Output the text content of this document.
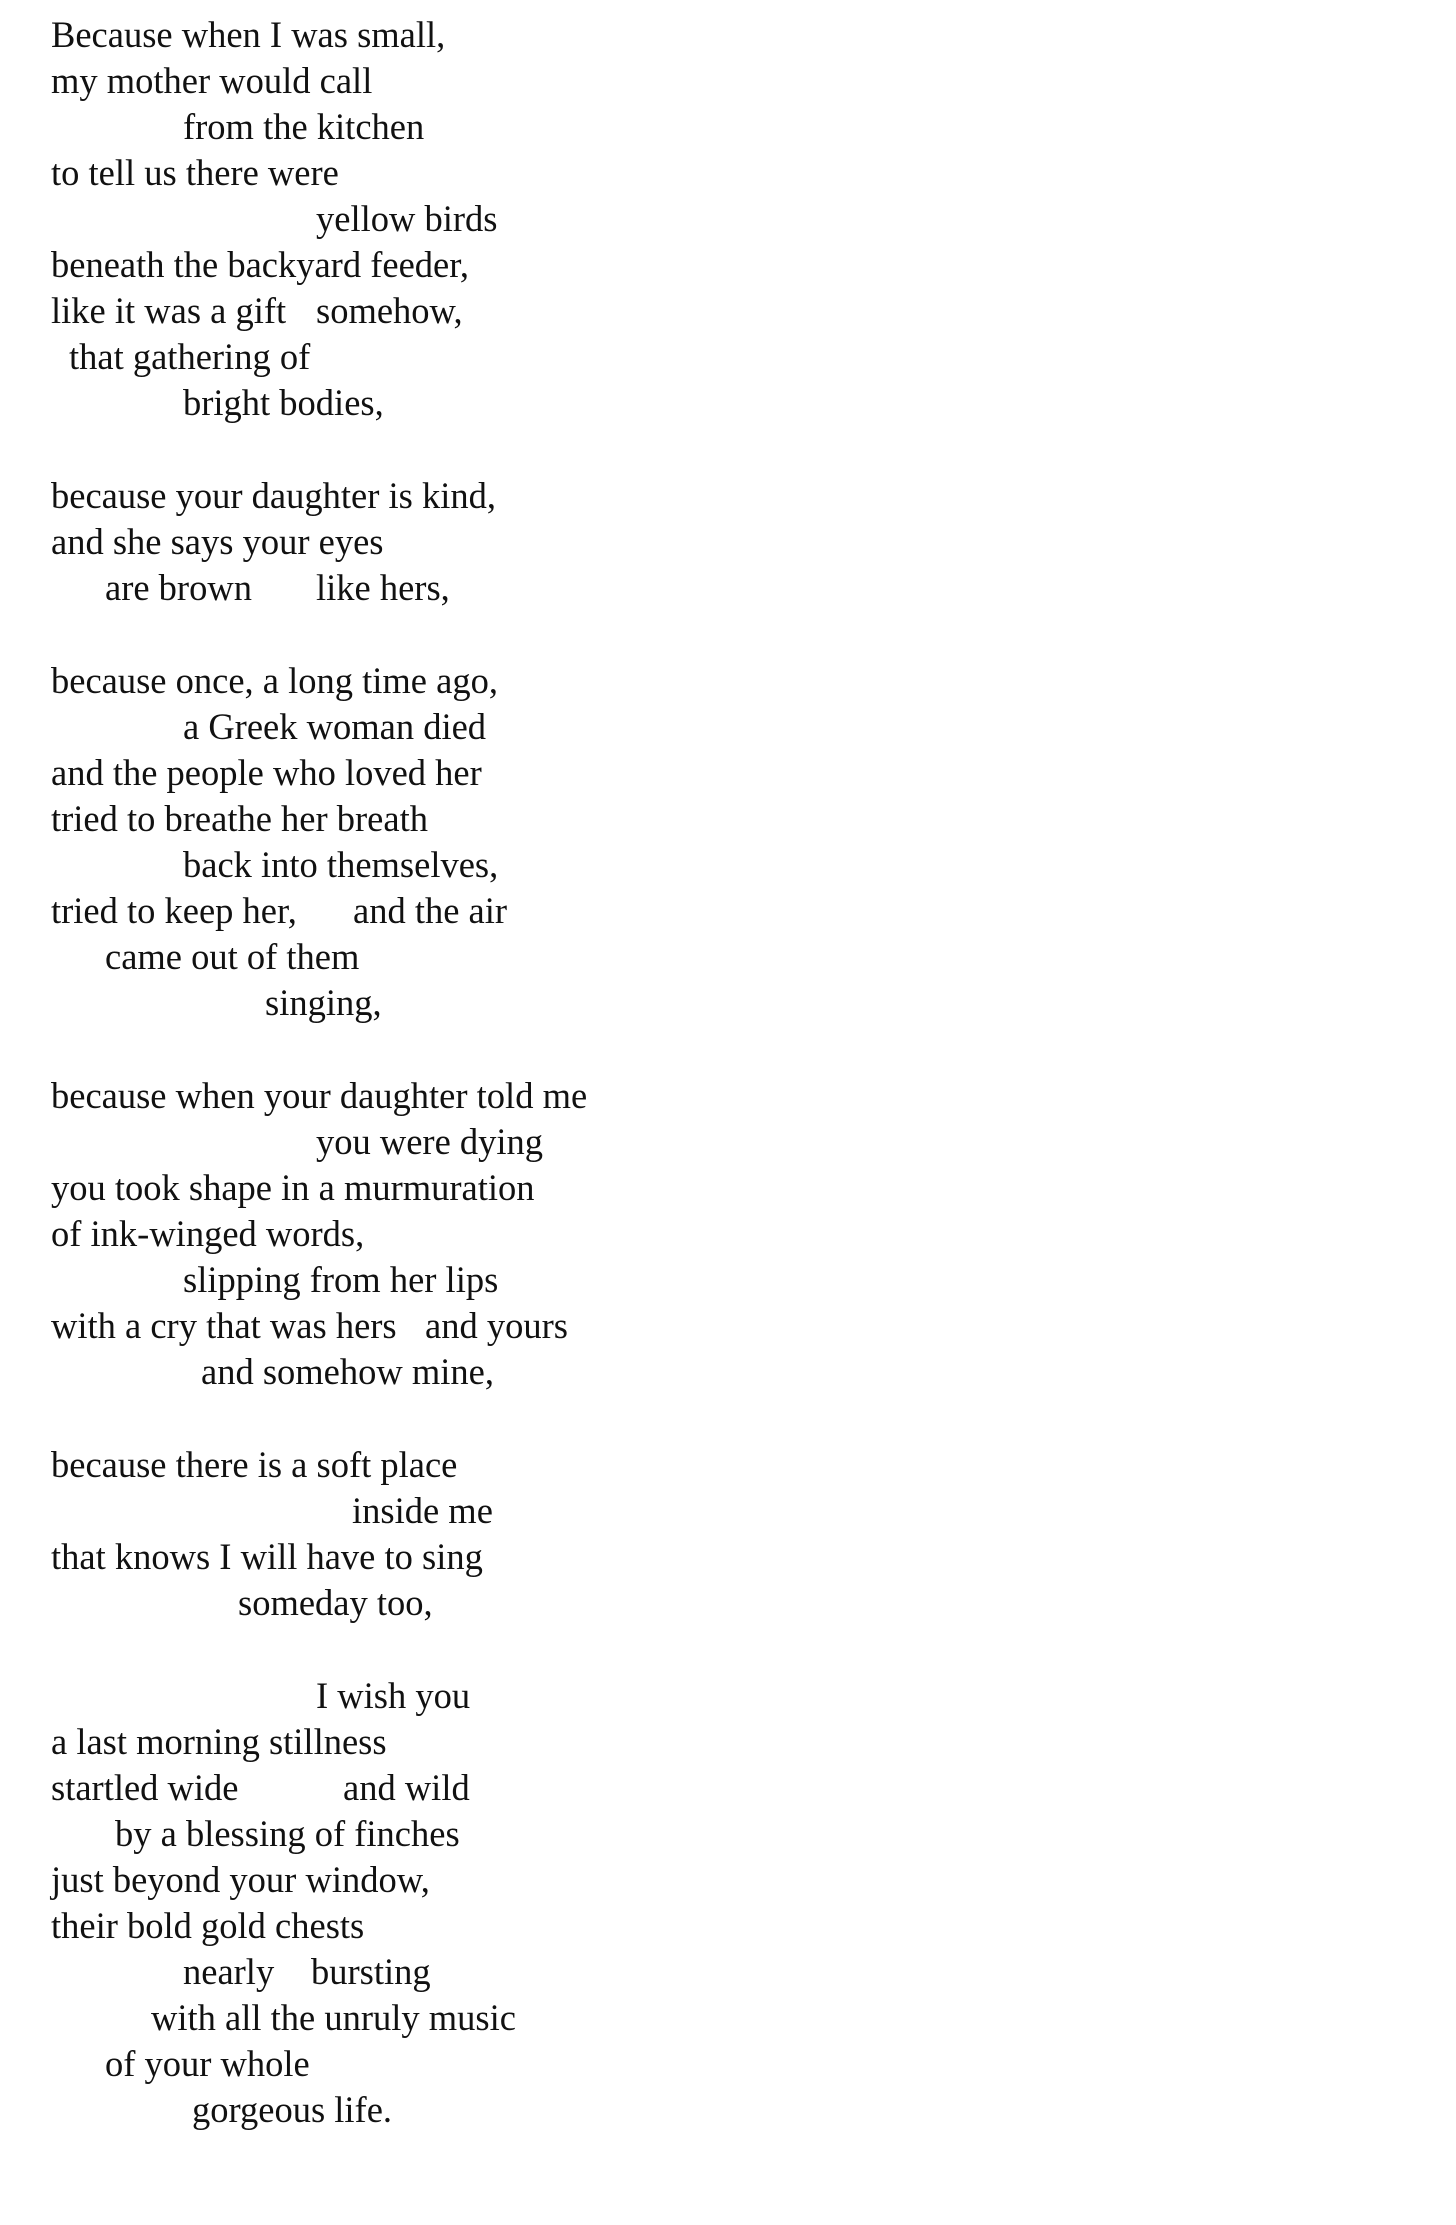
Because when I was small,

my mother would call

from the kitchen

to tell us there were

yellow birds

beneath the backyard feeder,

like it was a gift

somehow,

that gathering of

bright bodies,

because your daughter is kind,

and she says your eyes

are brown

like hers,

because once, a long time ago,

a Greek woman died

and the people who loved her

tried to breathe her breath

back into themselves,

tried to keep her,

and the air

came out of them

singing,

because when your daughter told me

you were dying

you took shape in a murmuration

of ink-winged words,

slipping from her lips

with a cry that was hers

and yours

and somehow mine,

because there is a soft place

inside me

that knows I will have to sing

someday too,

I wish you

a last morning stillness

startled wide

	and wild

by a blessing of finches

just beyond your window,

their bold gold chests

nearly

bursting

with all the unruly music

of your whole

gorgeous life.
